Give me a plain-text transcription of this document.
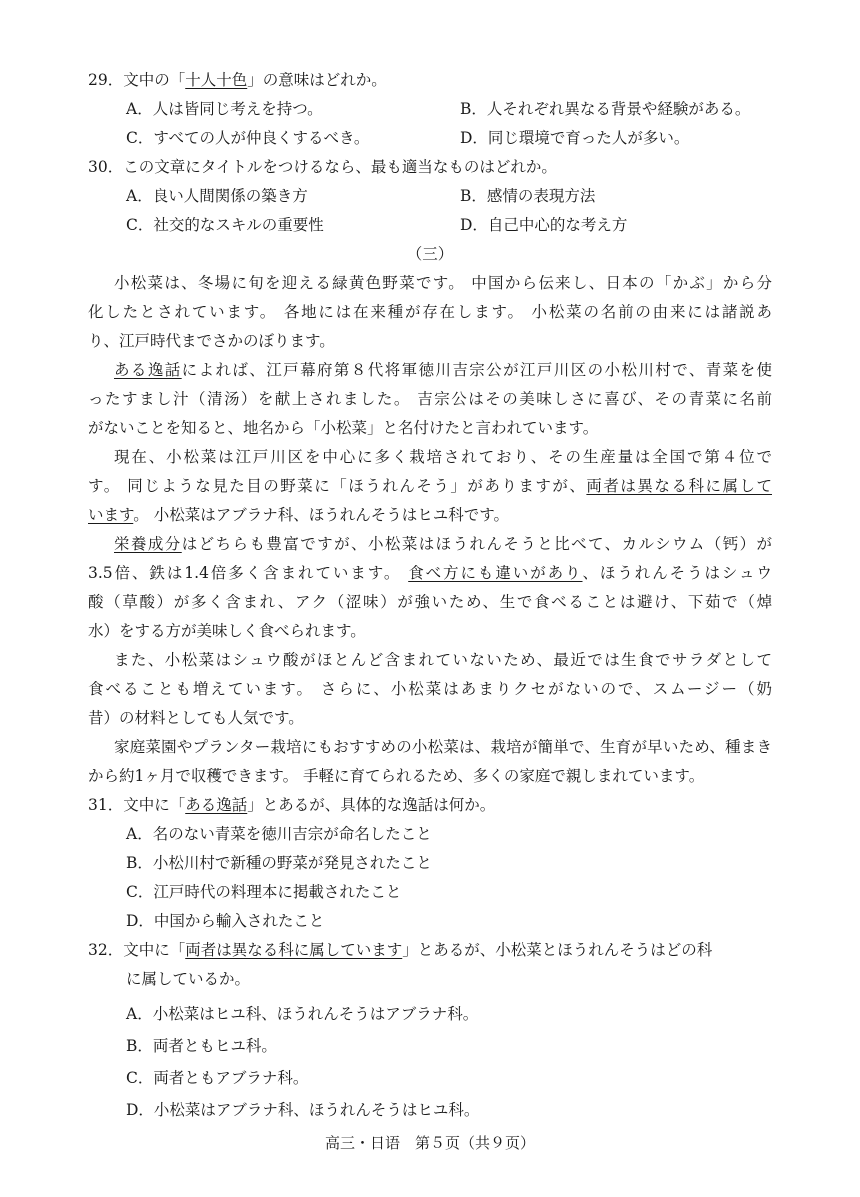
29．文中の「十人十色」の意味はどれか。
A．人は皆同じ考えを持つ。	B．人それぞれ異なる背景や経験がある。
C．すべての人が仲良くするべき。	D．同じ環境で育った人が多い。
30．この文章にタイトルをつけるなら、最も適当なものはどれか。
A．良い人間関係の築き方	B．感情の表現方法
C．社交的なスキルの重要性	D．自己中心的な考え方
（三）
小松菜は、冬場に旬を迎える緑黄色野菜です。 中国から伝来し、日本の「かぶ」から分
化したとされています。 各地には在来種が存在します。 小松菜の名前の由来には諸説あ
り、江戸時代までさかのぼります。
ある逸話によれば、江戸幕府第８代将軍徳川吉宗公が江戸川区の小松川村で、青菜を使
ったすまし汁（清汤）を献上されました。 吉宗公はその美味しさに喜び、その青菜に名前
がないことを知ると、地名から「小松菜」と名付けたと言われています。
現在、小松菜は江戸川区を中心に多く栽培されており、その生産量は全国で第４位で
す。 同じような見た目の野菜に「ほうれんそう」がありますが、両者は異なる科に属して
います。 小松菜はアブラナ科、ほうれんそうはヒユ科です。
栄養成分はどちらも豊富ですが、小松菜はほうれんそうと比べて、カルシウム（钙）が
3.5倍、鉄は1.4倍多く含まれています。 食べ方にも違いがあり、ほうれんそうはシュウ
酸（草酸）が多く含まれ、アク（涩味）が強いため、生で食べることは避け、下茹で（焯
水）をする方が美味しく食べられます。
また、小松菜はシュウ酸がほとんど含まれていないため、最近では生食でサラダとして
食べることも増えています。 さらに、小松菜はあまりクセがないので、スムージー（奶
昔）の材料としても人気です。
家庭菜園やプランター栽培にもおすすめの小松菜は、栽培が簡単で、生育が早いため、種まき
から約1ヶ月で収穫できます。 手軽に育てられるため、多くの家庭で親しまれています。
31．文中に「ある逸話」とあるが、具体的な逸話は何か。
A．名のない青菜を徳川吉宗が命名したこと
B．小松川村で新種の野菜が発見されたこと
C．江戸時代の料理本に掲載されたこと
D．中国から輸入されたこと
32．文中に「両者は異なる科に属しています」とあるが、小松菜とほうれんそうはどの科
に属しているか。
A．小松菜はヒユ科、ほうれんそうはアブラナ科。
B．両者ともヒユ科。
C．両者ともアブラナ科。
D．小松菜はアブラナ科、ほうれんそうはヒユ科。
高三・日语　第５页（共９页）
